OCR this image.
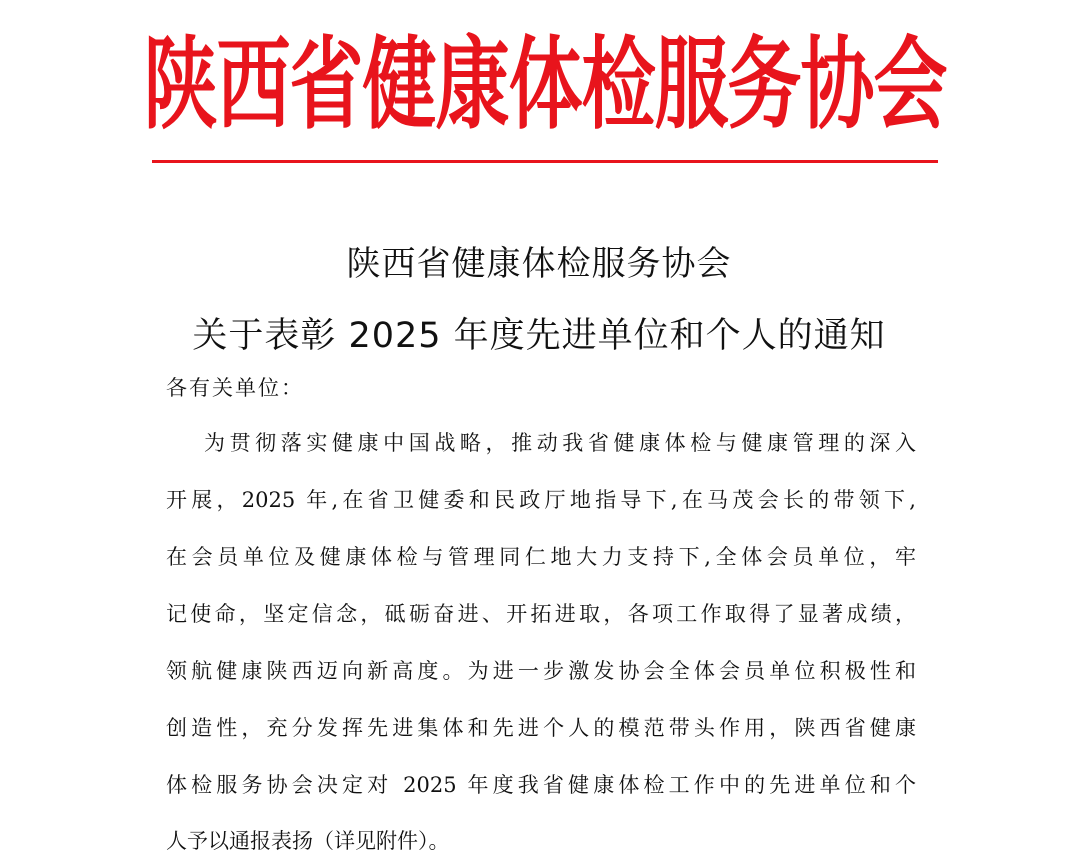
陕西省健康体检服务协会
陕西省健康体检服务协会
关于表彰 2025 年度先进单位和个人的通知
各有关单位：
为贯彻落实健康中国战略，推动我省健康体检与健康管理的深入
开展，2025 年,在省卫健委和民政厅地指导下,在马茂会长的带领下,
在会员单位及健康体检与管理同仁地大力支持下,全体会员单位，牢
记使命，坚定信念，砥砺奋进、开拓进取，各项工作取得了显著成绩，
领航健康陕西迈向新高度。为进一步激发协会全体会员单位积极性和
创造性，充分发挥先进集体和先进个人的模范带头作用，陕西省健康
体检服务协会决定对 2025 年度我省健康体检工作中的先进单位和个
人予以通报表扬（详见附件）。
